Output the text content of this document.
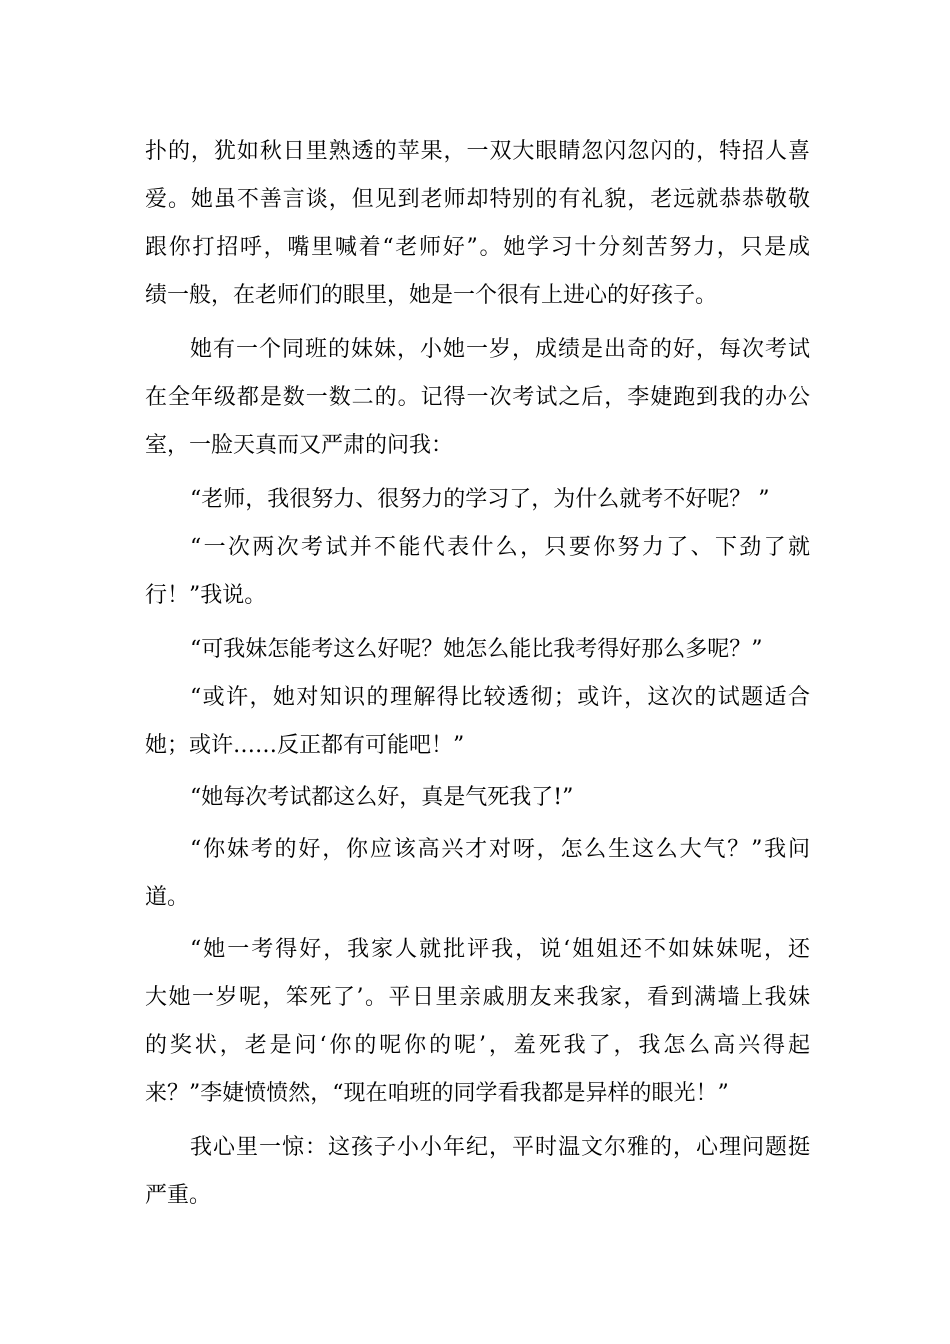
扑的，犹如秋日里熟透的苹果，一双大眼睛忽闪忽闪的，特招人喜
爱。她虽不善言谈，但见到老师却特别的有礼貌，老远就恭恭敬敬
跟你打招呼，嘴里喊着“老师好”。她学习十分刻苦努力，只是成
绩一般，在老师们的眼里，她是一个很有上进心的好孩子。
她有一个同班的妹妹，小她一岁，成绩是出奇的好，每次考试
在全年级都是数一数二的。记得一次考试之后，李婕跑到我的办公
室，一脸天真而又严肃的问我：
“老师，我很努力、很努力的学习了，为什么就考不好呢？ ”
“一次两次考试并不能代表什么，只要你努力了、下劲了就
行！”我说。
“可我妹怎能考这么好呢？她怎么能比我考得好那么多呢？”
“或许，她对知识的理解得比较透彻；或许，这次的试题适合
她；或许……反正都有可能吧！”
“她每次考试都这么好，真是气死我了!”
“你妹考的好，你应该高兴才对呀，怎么生这么大气？”我问
道。
“她一考得好，我家人就批评我，说‘姐姐还不如妹妹呢，还
大她一岁呢，笨死了’。平日里亲戚朋友来我家，看到满墙上我妹
的奖状，老是问‘你的呢你的呢’，羞死我了，我怎么高兴得起
来？”李婕愤愤然，“现在咱班的同学看我都是异样的眼光！”
我心里一惊：这孩子小小年纪，平时温文尔雅的，心理问题挺
严重。
